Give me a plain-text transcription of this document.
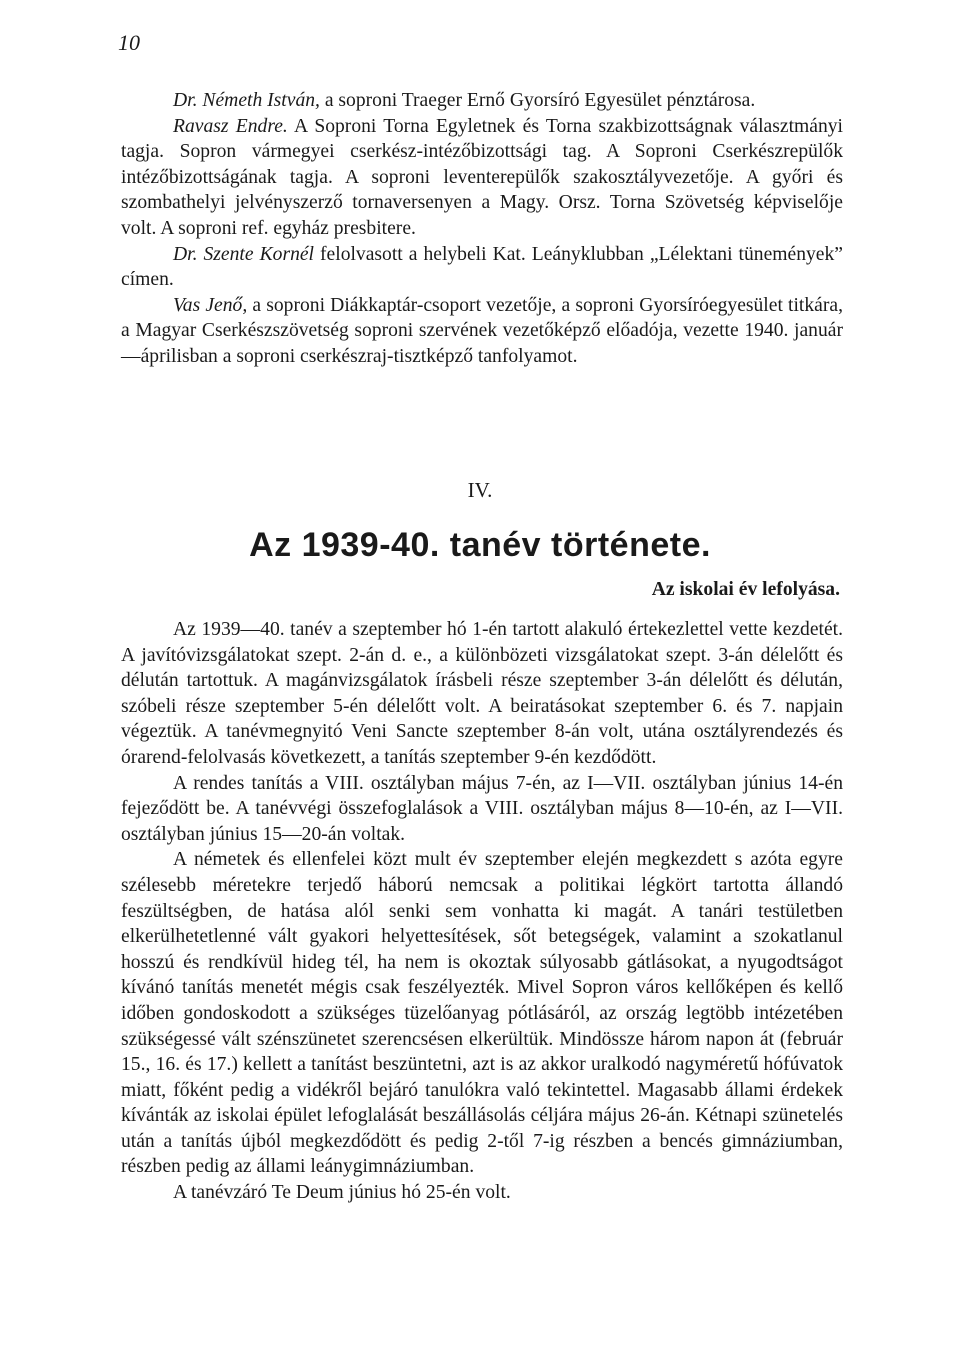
10

Dr. Németh István, a soproni Traeger Ernő Gyorsíró Egyesület pénztárosa.

Ravasz Endre. A Soproni Torna Egyletnek és Torna szakbizottságnak választmányi tagja. Sopron vármegyei cserkész-intézőbizottsági tag. A Soproni Cserkészrepülők intézőbizottságának tagja. A soproni leventerepülők szakosztályvezetője. A győri és szombathelyi jelvényszerző tornaversenyen a Magy. Orsz. Torna Szövetség képviselője volt. A soproni ref. egyház presbitere.

Dr. Szente Kornél felolvasott a helybeli Kat. Leányklubban „Lélektani tünemények” címen.

Vas Jenő, a soproni Diákkaptár-csoport vezetője, a soproni Gyorsíróegyesület titkára, a Magyar Cserkészszövetség soproni szervének vezetőképző előadója, vezette 1940. január—áprilisban a soproni cserkészraj-tisztképző tanfolyamot.

IV.
Az 1939-40. tanév története.
Az iskolai év lefolyása.

Az 1939—40. tanév a szeptember hó 1-én tartott alakuló értekezlettel vette kezdetét. A javítóvizsgálatokat szept. 2-án d. e., a különbözeti vizsgálatokat szept. 3-án délelőtt és délután tartottuk. A magánvizsgálatok írásbeli része szeptember 3-án délelőtt és délután, szóbeli része szeptember 5-én délelőtt volt. A beiratásokat szeptember 6. és 7. napjain végeztük. A tanévmegnyitó Veni Sancte szeptember 8-án volt, utána osztályrendezés és órarend-felolvasás következett, a tanítás szeptember 9-én kezdődött.

A rendes tanítás a VIII. osztályban május 7-én, az I—VII. osztályban június 14-én fejeződött be. A tanévvégi összefoglalások a VIII. osztályban május 8—10-én, az I—VII. osztályban június 15—20-án voltak.

A németek és ellenfelei közt mult év szeptember elején megkezdett s azóta egyre szélesebb méretekre terjedő háború nemcsak a politikai légkört tartotta állandó feszültségben, de hatása alól senki sem vonhatta ki magát. A tanári testületben elkerülhetetlenné vált gyakori helyettesítések, sőt betegségek, valamint a szokatlanul hosszú és rendkívül hideg tél, ha nem is okoztak súlyosabb gátlásokat, a nyugodtságot kívánó tanítás menetét mégis csak feszélyezték. Mivel Sopron város kellőképen és kellő időben gondoskodott a szükséges tüzelőanyag pótlásáról, az ország legtöbb intézetében szükségessé vált szénszünetet szerencsésen elkerültük. Mindössze három napon át (február 15., 16. és 17.) kellett a tanítást beszüntetni, azt is az akkor uralkodó nagyméretű hófúvatok miatt, főként pedig a vidékről bejáró tanulókra való tekintettel. Magasabb állami érdekek kívánták az iskolai épület lefoglalását beszállásolás céljára május 26-án. Kétnapi szünetelés után a tanítás újból megkezdődött és pedig 2-től 7-ig részben a bencés gimnáziumban, részben pedig az állami leánygimnáziumban.

A tanévzáró Te Deum június hó 25-én volt.
